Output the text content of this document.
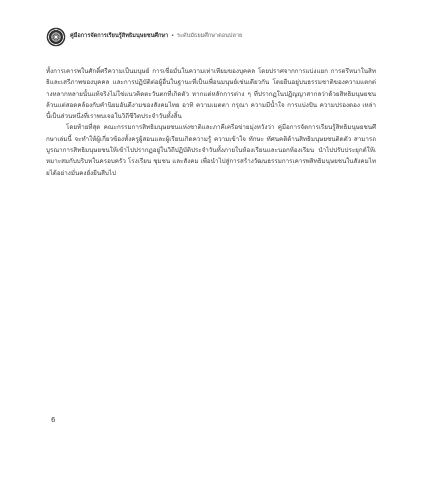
คู่มือการจัดการเรียนรู้สิทธิมนุษยชนศึกษา • ระดับมัธยมศึกษาตอนปลาย

ทั้งการเคารพในศักดิ์ศรีความเป็นมนุษย์ การเชื่อมั่นในความเท่าเทียมของบุคคล โดยปราศจากการแบ่งแยก การตรึหนาในสิทธิและเสรีภาพของบุคคล และการปฏิบัติต่อผู้อื่นในฐานะที่เป็นเพื่อนมนุษย์เช่นเดียวกัน โดยยืนอยู่บนธรรมชาติของความแตกต่างหลากหลายนั้นแท้จริงไม่ใช่แนวคิดตะวันตกที่เกิดตัว หากแต่หลักการต่าง ๆ ที่ปรากฏในปฏิญญาสากลว่าด้วยสิทธิมนุษยชน ล้วนแต่สอดคล้องกับคำนิยมอันดีงามของสังคมไทย อาทิ ความเมตตา กรุณา ความมีน้ำใจ การแบ่งปัน ความปรองดอง เหล่านี้เป็นส่วนหนึ่งที่เราพบเจอในวิถีชีวิตประจำวันทั้งสิ้น

โดยท้ายที่สุด คณะกรรมการสิทธิมนุษยชนแห่งชาติและภาคีเครือข่ายมุ่งหวังว่า คู่มือการจัดการเรียนรู้สิทธิมนุษยชนศึกษาเล่มนี้ จะทำให้ผู้เกี่ยวข้องทั้งครูผู้สอนและผู้เรียนเกิดความรู้ ความเข้าใจ ทักษะ ทัศนคติด้านสิทธิมนุษยชนติดตัว สามารถบูรณาการสิทธิมนุษยชนให้เข้าไปปรากฏอยู่ในวิถีปฏิบัติประจำวันทั้งภายในห้องเรียนและนอกห้องเรียน นำไปปรับประยุกต์ให้เหมาะสมกับบริบทในครอบครัว โรงเรียน ชุมชน และสังคม เพื่อนำไปสู่การสร้างวัฒนธรรมการเคารพสิทธิมนุษยชนในสังคมไทยได้อย่างมั่นคงยั่งยืนสืบไป

6
